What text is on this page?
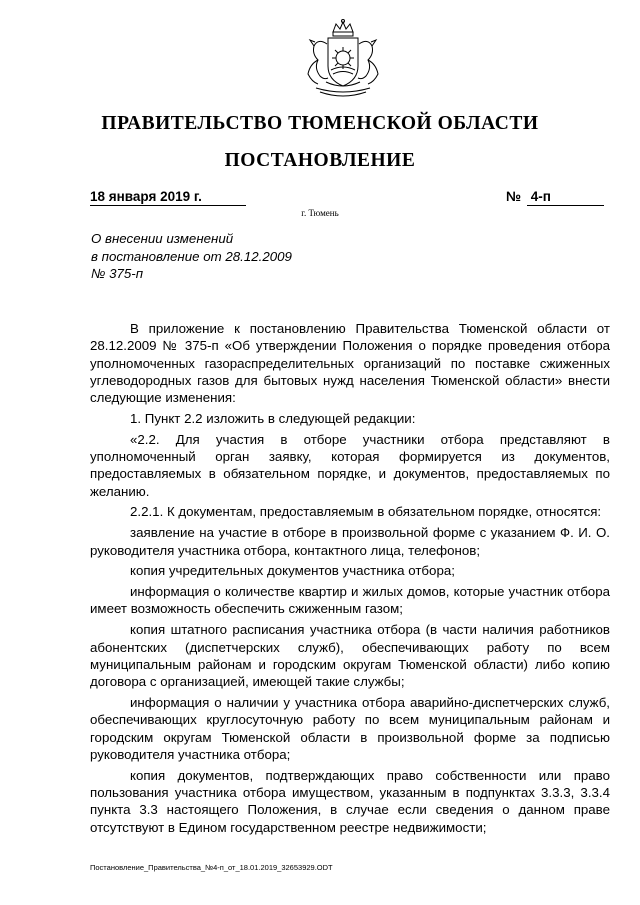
ПРАВИТЕЛЬСТВО ТЮМЕНСКОЙ ОБЛАСТИ
ПОСТАНОВЛЕНИЕ
18 января 2019 г.	№ 4-п
г. Тюмень
О внесении изменений
в постановление от 28.12.2009
№ 375-п

В приложение к постановлению Правительства Тюменской области от 28.12.2009 № 375-п «Об утверждении Положения о порядке проведения отбора уполномоченных газораспределительных организаций по поставке сжиженных углеводородных газов для бытовых нужд населения Тюменской области» внести следующие изменения:

1. Пункт 2.2 изложить в следующей редакции:

«2.2. Для участия в отборе участники отбора представляют в уполномоченный орган заявку, которая формируется из документов, предоставляемых в обязательном порядке, и документов, предоставляемых по желанию.

2.2.1. К документам, предоставляемым в обязательном порядке, относятся:

заявление на участие в отборе в произвольной форме с указанием Ф. И. О. руководителя участника отбора, контактного лица, телефонов;

копия учредительных документов участника отбора;

информация о количестве квартир и жилых домов, которые участник отбора имеет возможность обеспечить сжиженным газом;

копия штатного расписания участника отбора (в части наличия работников абонентских (диспетчерских служб), обеспечивающих работу по всем муниципальным районам и городским округам Тюменской области) либо копию договора с организацией, имеющей такие службы;

информация о наличии у участника отбора аварийно-диспетчерских служб, обеспечивающих круглосуточную работу по всем муниципальным районам и городским округам Тюменской области в произвольной форме за подписью руководителя участника отбора;

копия документов, подтверждающих право собственности или право пользования участника отбора имуществом, указанным в подпунктах 3.3.3, 3.3.4 пункта 3.3 настоящего Положения, в случае если сведения о данном праве отсутствуют в Едином государственном реестре недвижимости;

Постановление_Правительства_№4-п_от_18.01.2019_32653929.ODT
